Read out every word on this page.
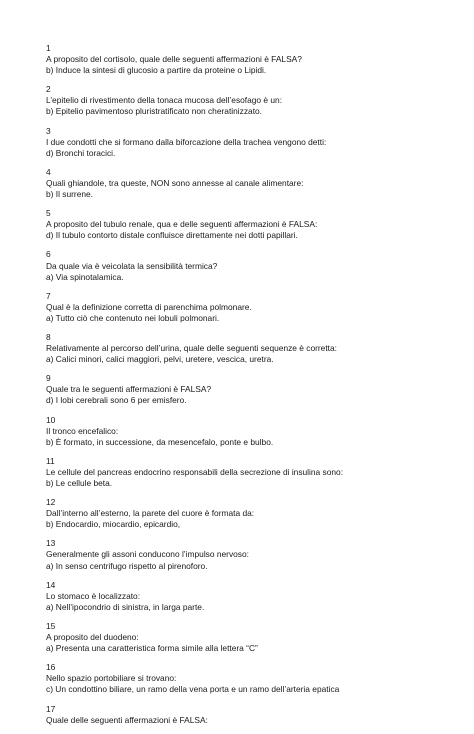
1
A proposito del cortisolo, quale delle seguenti affermazioni è FALSA?
b) Induce la sintesi di glucosio a partire da proteine o Lipidi.
2
L’epitelio di rivestimento della tonaca mucosa dell’esofago è un:
b) Epitelio pavimentoso pluristratificato non cheratinizzato.
3
I due condotti che si formano dalla biforcazione della trachea vengono detti:
d) Bronchi toracici.
4
Quali ghiandole, tra queste, NON sono annesse al canale alimentare:
b) Il surrene.
5
A proposito del tubulo renale, qua e delle seguenti affermazioni è FALSA:
d) Il tubulo contorto distale confluisce direttamente nei dotti papillari.
6
Da quale via è veicolata la sensibilità termica?
a) Via spinotalamica.
7
Qual è la definizione corretta di parenchima polmonare.
a) Tutto ciò che contenuto nei lobuli polmonari.
8
Relativamente al percorso dell’urina, quale delle seguenti sequenze è corretta:
a) Calici minori, calici maggiori, pelvi, uretere, vescica, uretra.
9
Quale tra le seguenti affermazioni è FALSA?
d) I lobi cerebrali sono 6 per emisfero.
10
Il tronco encefalico:
b) È formato, in successione, da mesencefalo, ponte e bulbo.
11
Le cellule del pancreas endocrino responsabili della secrezione di insulina sono:
b) Le cellule beta.
12
Dall’interno all’esterno, la parete del cuore è formata da:
b) Endocardio, miocardio, epicardio,
13
Generalmente gli assoni conducono l’impulso nervoso:
a) In senso centrifugo rispetto al pirenoforo.
14
Lo stomaco è localizzato:
a) Nell’ipocondrio di sinistra, in larga parte.
15
A proposito del duodeno:
a) Presenta una caratteristica forma simile alla lettera “C”
16
Nello spazio portobiliare si trovano:
c) Un condottino biliare, un ramo della vena porta e un ramo dell’arteria epatica
17
Quale delle seguenti affermazioni è FALSA:
